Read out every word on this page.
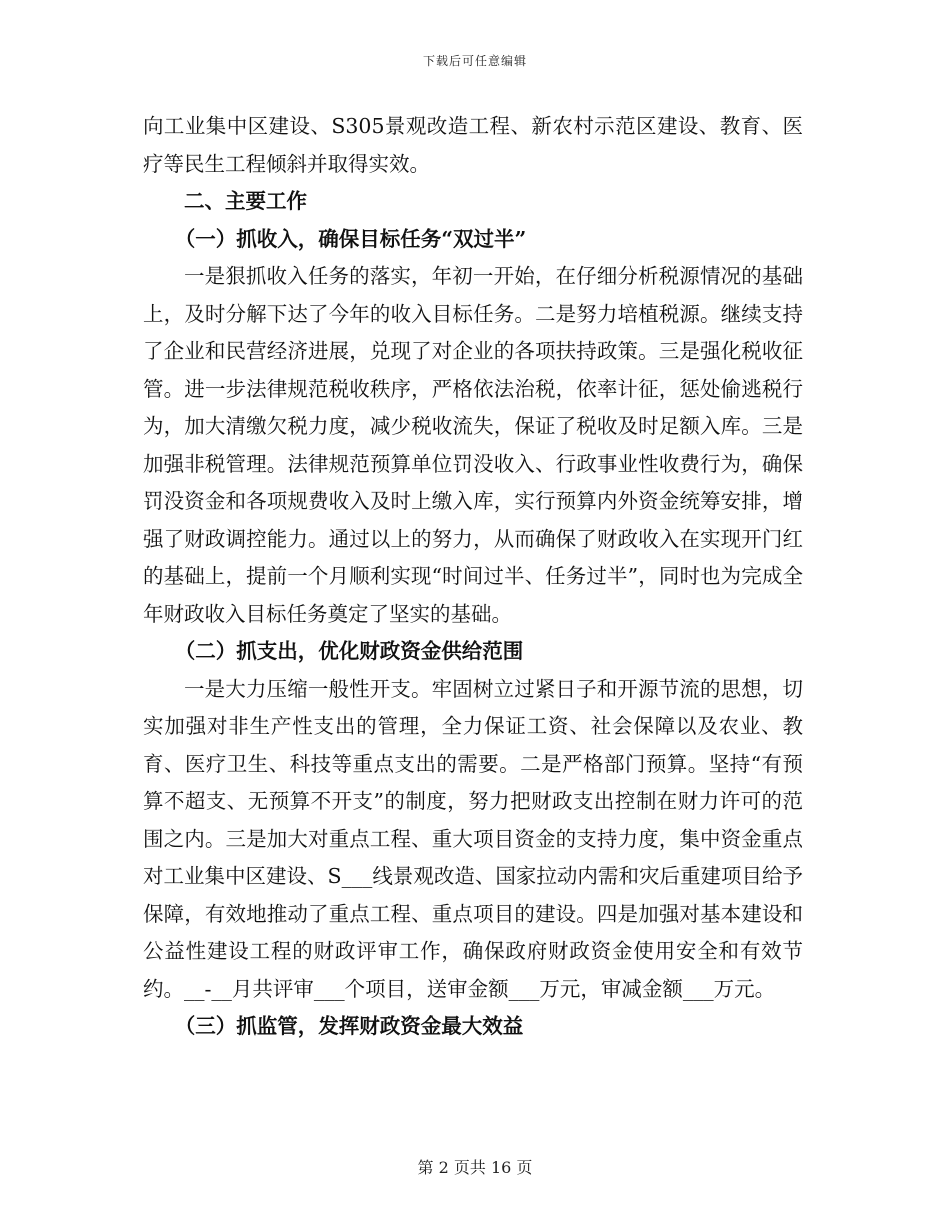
下载后可任意编辑

向工业集中区建设、S305景观改造工程、新农村示范区建设、教育、医疗等民生工程倾斜并取得实效。

二、主要工作

（一）抓收入，确保目标任务“双过半”

一是狠抓收入任务的落实，年初一开始，在仔细分析税源情况的基础上，及时分解下达了今年的收入目标任务。二是努力培植税源。继续支持了企业和民营经济进展，兑现了对企业的各项扶持政策。三是强化税收征管。进一步法律规范税收秩序，严格依法治税，依率计征，惩处偷逃税行为，加大清缴欠税力度，减少税收流失，保证了税收及时足额入库。三是加强非税管理。法律规范预算单位罚没收入、行政事业性收费行为，确保罚没资金和各项规费收入及时上缴入库，实行预算内外资金统筹安排，增强了财政调控能力。通过以上的努力，从而确保了财政收入在实现开门红的基础上，提前一个月顺利实现“时间过半、任务过半”，同时也为完成全年财政收入目标任务奠定了坚实的基础。

（二）抓支出，优化财政资金供给范围

一是大力压缩一般性开支。牢固树立过紧日子和开源节流的思想，切实加强对非生产性支出的管理，全力保证工资、社会保障以及农业、教育、医疗卫生、科技等重点支出的需要。二是严格部门预算。坚持“有预算不超支、无预算不开支”的制度，努力把财政支出控制在财力许可的范围之内。三是加大对重点工程、重大项目资金的支持力度，集中资金重点对工业集中区建设、S___线景观改造、国家拉动内需和灾后重建项目给予保障，有效地推动了重点工程、重点项目的建设。四是加强对基本建设和公益性建设工程的财政评审工作，确保政府财政资金使用安全和有效节约。__-__月共评审___个项目，送审金额___万元，审减金额___万元。

（三）抓监管，发挥财政资金最大效益

第 2 页共 16 页
